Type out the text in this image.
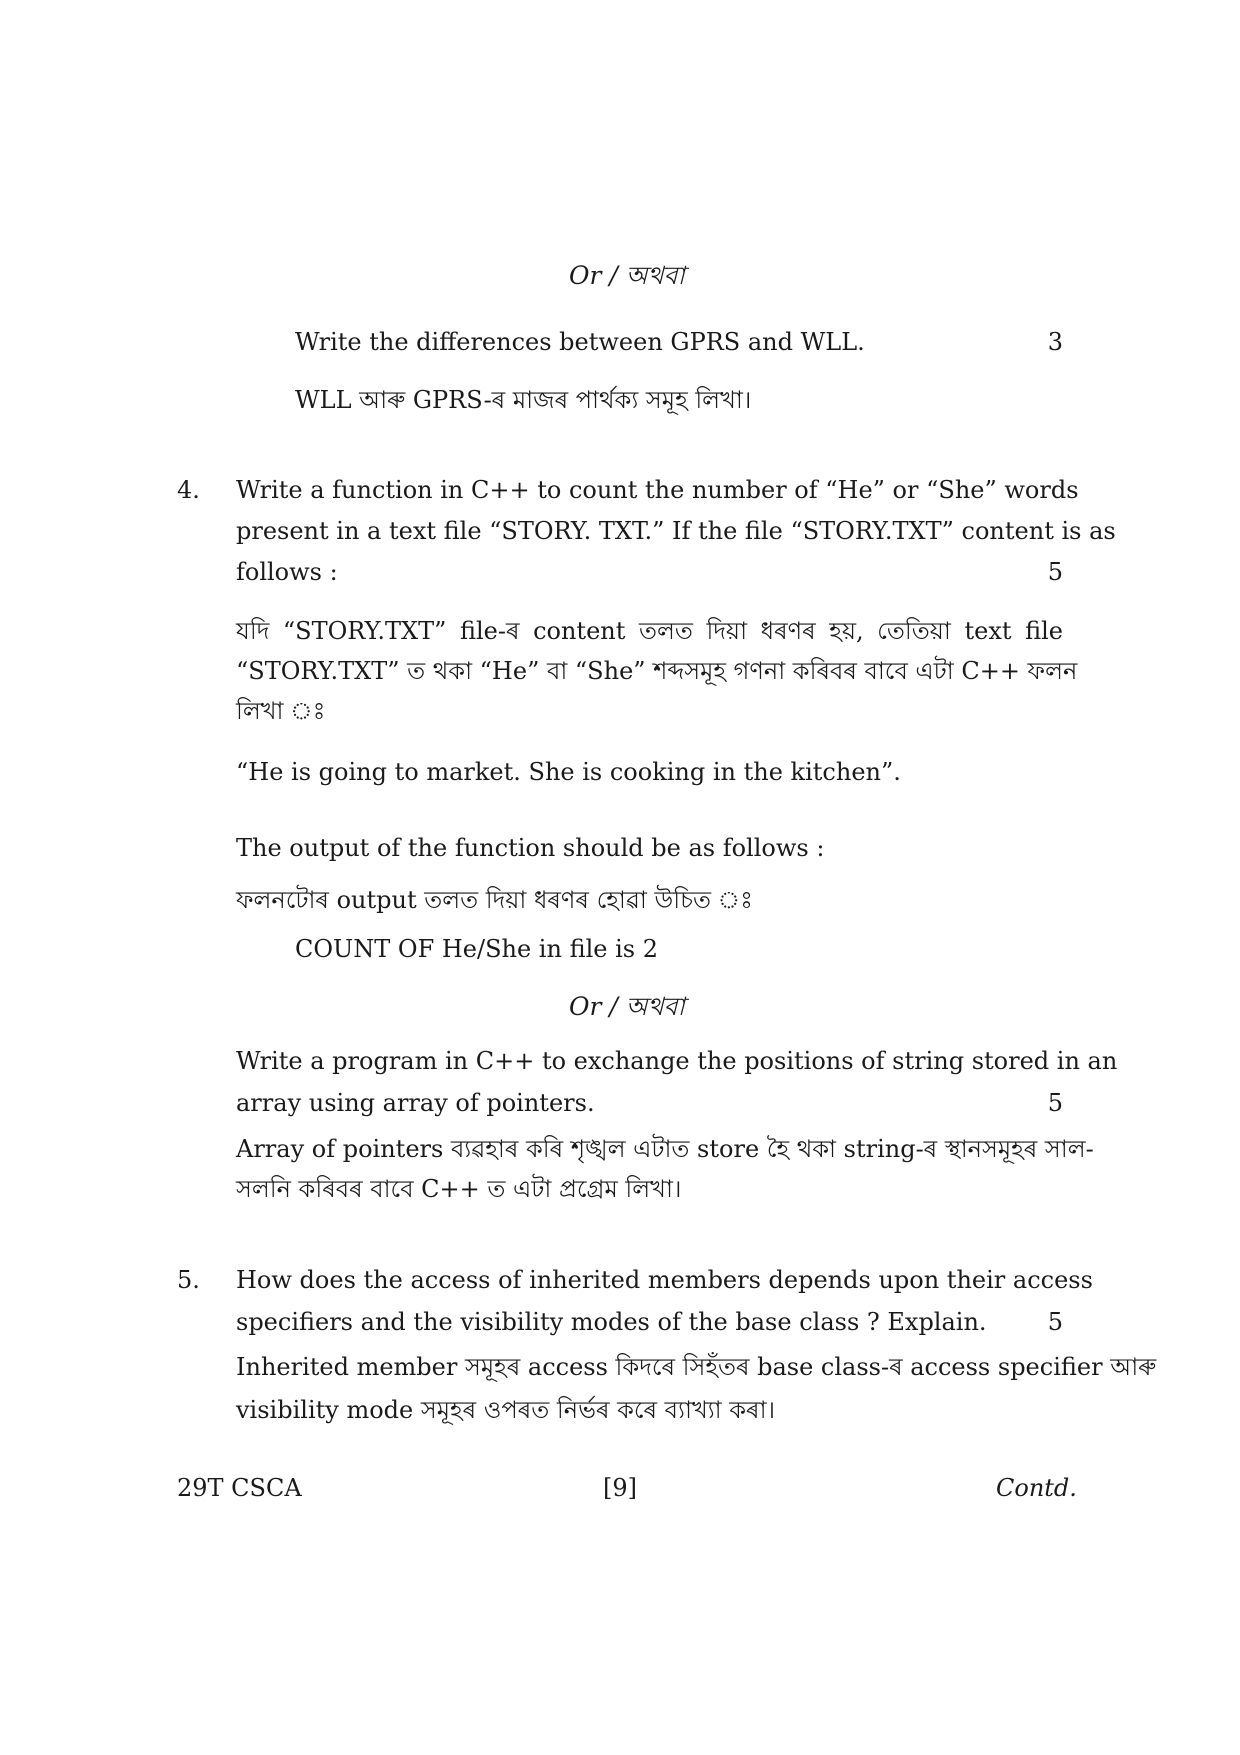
Or / অথবা
Write the differences between GPRS and WLL.	3
WLL আৰু GPRS-ৰ মাজৰ পাৰ্থক্য সমূহ লিখা।
4. Write a function in C++ to count the number of “He” or “She” words
present in a text file “STORY. TXT.” If the file “STORY.TXT” content is as
follows :	5
যদি “STORY.TXT” file-ৰ content তলত দিয়া ধৰণৰ হয়, তেতিয়া text file
“STORY.TXT” ত থকা “He” বা “She” শব্দসমূহ গণনা কৰিবৰ বাবে এটা C++ ফলন
লিখা ঃ
“He is going to market. She is cooking in the kitchen”.
The output of the function should be as follows :
ফলনটোৰ output তলত দিয়া ধৰণৰ হোৱা উচিত ঃ
COUNT OF He/She in file is 2
Or / অথবা
Write a program in C++ to exchange the positions of string stored in an
array using array of pointers.	5
Array of pointers ব্যৱহাৰ কৰি শৃঙ্খল এটাত store হৈ থকা string-ৰ স্থানসমূহৰ সাল-
সলনি কৰিবৰ বাবে C++ ত এটা প্ৰগ্ৰেম লিখা।
5. How does the access of inherited members depends upon their access
specifiers and the visibility modes of the base class ? Explain.	5
Inherited member সমূহৰ access কিদৰে সিহঁতৰ base class-ৰ access specifier আৰু
visibility mode সমূহৰ ওপৰত নিৰ্ভৰ কৰে ব্যাখ্যা কৰা।
29T CSCA	[9]	Contd.
